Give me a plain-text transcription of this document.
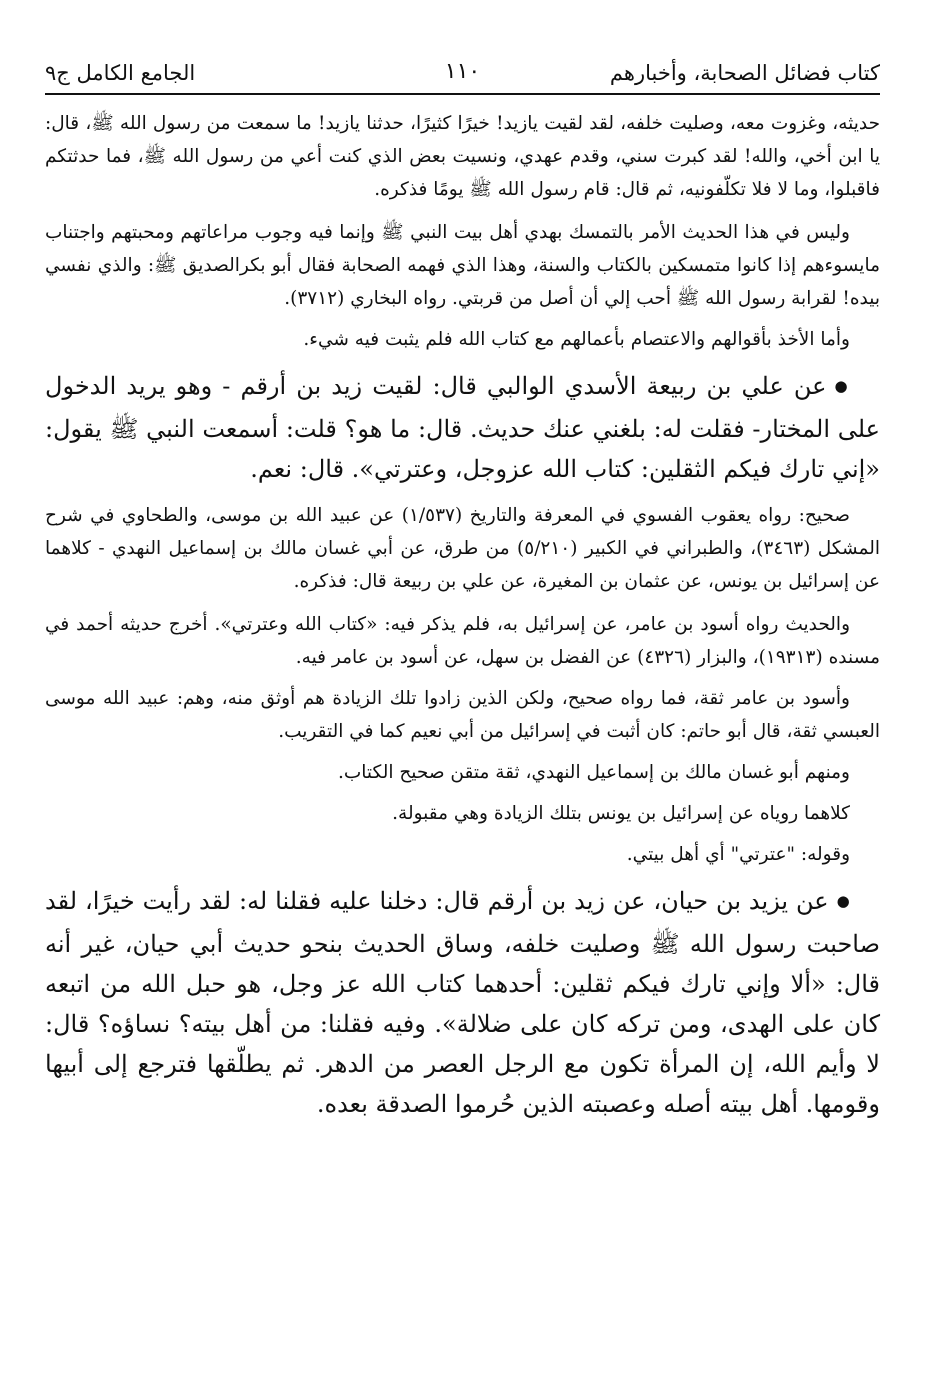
كتاب فضائل الصحابة، وأخبارهم
١١٠
الجامع الكامل ج٩
حديثه، وغزوت معه، وصليت خلفه، لقد لقيت يازيد! خيرًا كثيرًا، حدثنا يازيد! ما سمعت من رسول الله ﷺ، قال: يا ابن أخي، والله! لقد كبرت سني، وقدم عهدي، ونسيت بعض الذي كنت أعي من رسول الله ﷺ، فما حدثتكم فاقبلوا، وما لا فلا تكلّفونيه، ثم قال: قام رسول الله ﷺ يومًا فذكره.
وليس في هذا الحديث الأمر بالتمسك بهدي أهل بيت النبي ﷺ وإنما فيه وجوب مراعاتهم ومحبتهم واجتناب مايسوءهم إذا كانوا متمسكين بالكتاب والسنة، وهذا الذي فهمه الصحابة فقال أبو بكرالصديق ﷺ: والذي نفسي بيده! لقرابة رسول الله ﷺ أحب إلي أن أصل من قربتي. رواه البخاري (٣٧١٢).
وأما الأخذ بأقوالهم والاعتصام بأعمالهم مع كتاب الله فلم يثبت فيه شيء.
● عن علي بن ربيعة الأسدي الوالبي قال: لقيت زيد بن أرقم - وهو يريد الدخول على المختار- فقلت له: بلغني عنك حديث. قال: ما هو؟ قلت: أسمعت النبي ﷺ يقول: «إني تارك فيكم الثقلين: كتاب الله عزوجل، وعترتي». قال: نعم.
صحيح: رواه يعقوب الفسوي في المعرفة والتاريخ (١/٥٣٧) عن عبيد الله بن موسى، والطحاوي في شرح المشكل (٣٤٦٣)، والطبراني في الكبير (٥/٢١٠) من طرق، عن أبي غسان مالك بن إسماعيل النهدي - كلاهما عن إسرائيل بن يونس، عن عثمان بن المغيرة، عن علي بن ربيعة قال: فذكره.
والحديث رواه أسود بن عامر، عن إسرائيل به، فلم يذكر فيه: «كتاب الله وعترتي». أخرج حديثه أحمد في مسنده (١٩٣١٣)، والبزار (٤٣٢٦) عن الفضل بن سهل، عن أسود بن عامر فيه.
وأسود بن عامر ثقة، فما رواه صحيح، ولكن الذين زادوا تلك الزيادة هم أوثق منه، وهم: عبيد الله موسى العبسي ثقة، قال أبو حاتم: كان أثبت في إسرائيل من أبي نعيم كما في التقريب.
ومنهم أبو غسان مالك بن إسماعيل النهدي، ثقة متقن صحيح الكتاب.
كلاهما روياه عن إسرائيل بن يونس بتلك الزيادة وهي مقبولة.
وقوله: "عترتي" أي أهل بيتي.
● عن يزيد بن حيان، عن زيد بن أرقم قال: دخلنا عليه فقلنا له: لقد رأيت خيرًا، لقد صاحبت رسول الله ﷺ وصليت خلفه، وساق الحديث بنحو حديث أبي حيان، غير أنه قال: «ألا وإني تارك فيكم ثقلين: أحدهما كتاب الله عز وجل، هو حبل الله من اتبعه كان على الهدى، ومن تركه كان على ضلالة». وفيه فقلنا: من أهل بيته؟ نساؤه؟ قال: لا وأيم الله، إن المرأة تكون مع الرجل العصر من الدهر. ثم يطلّقها فترجع إلى أبيها وقومها. أهل بيته أصله وعصبته الذين حُرموا الصدقة بعده.
